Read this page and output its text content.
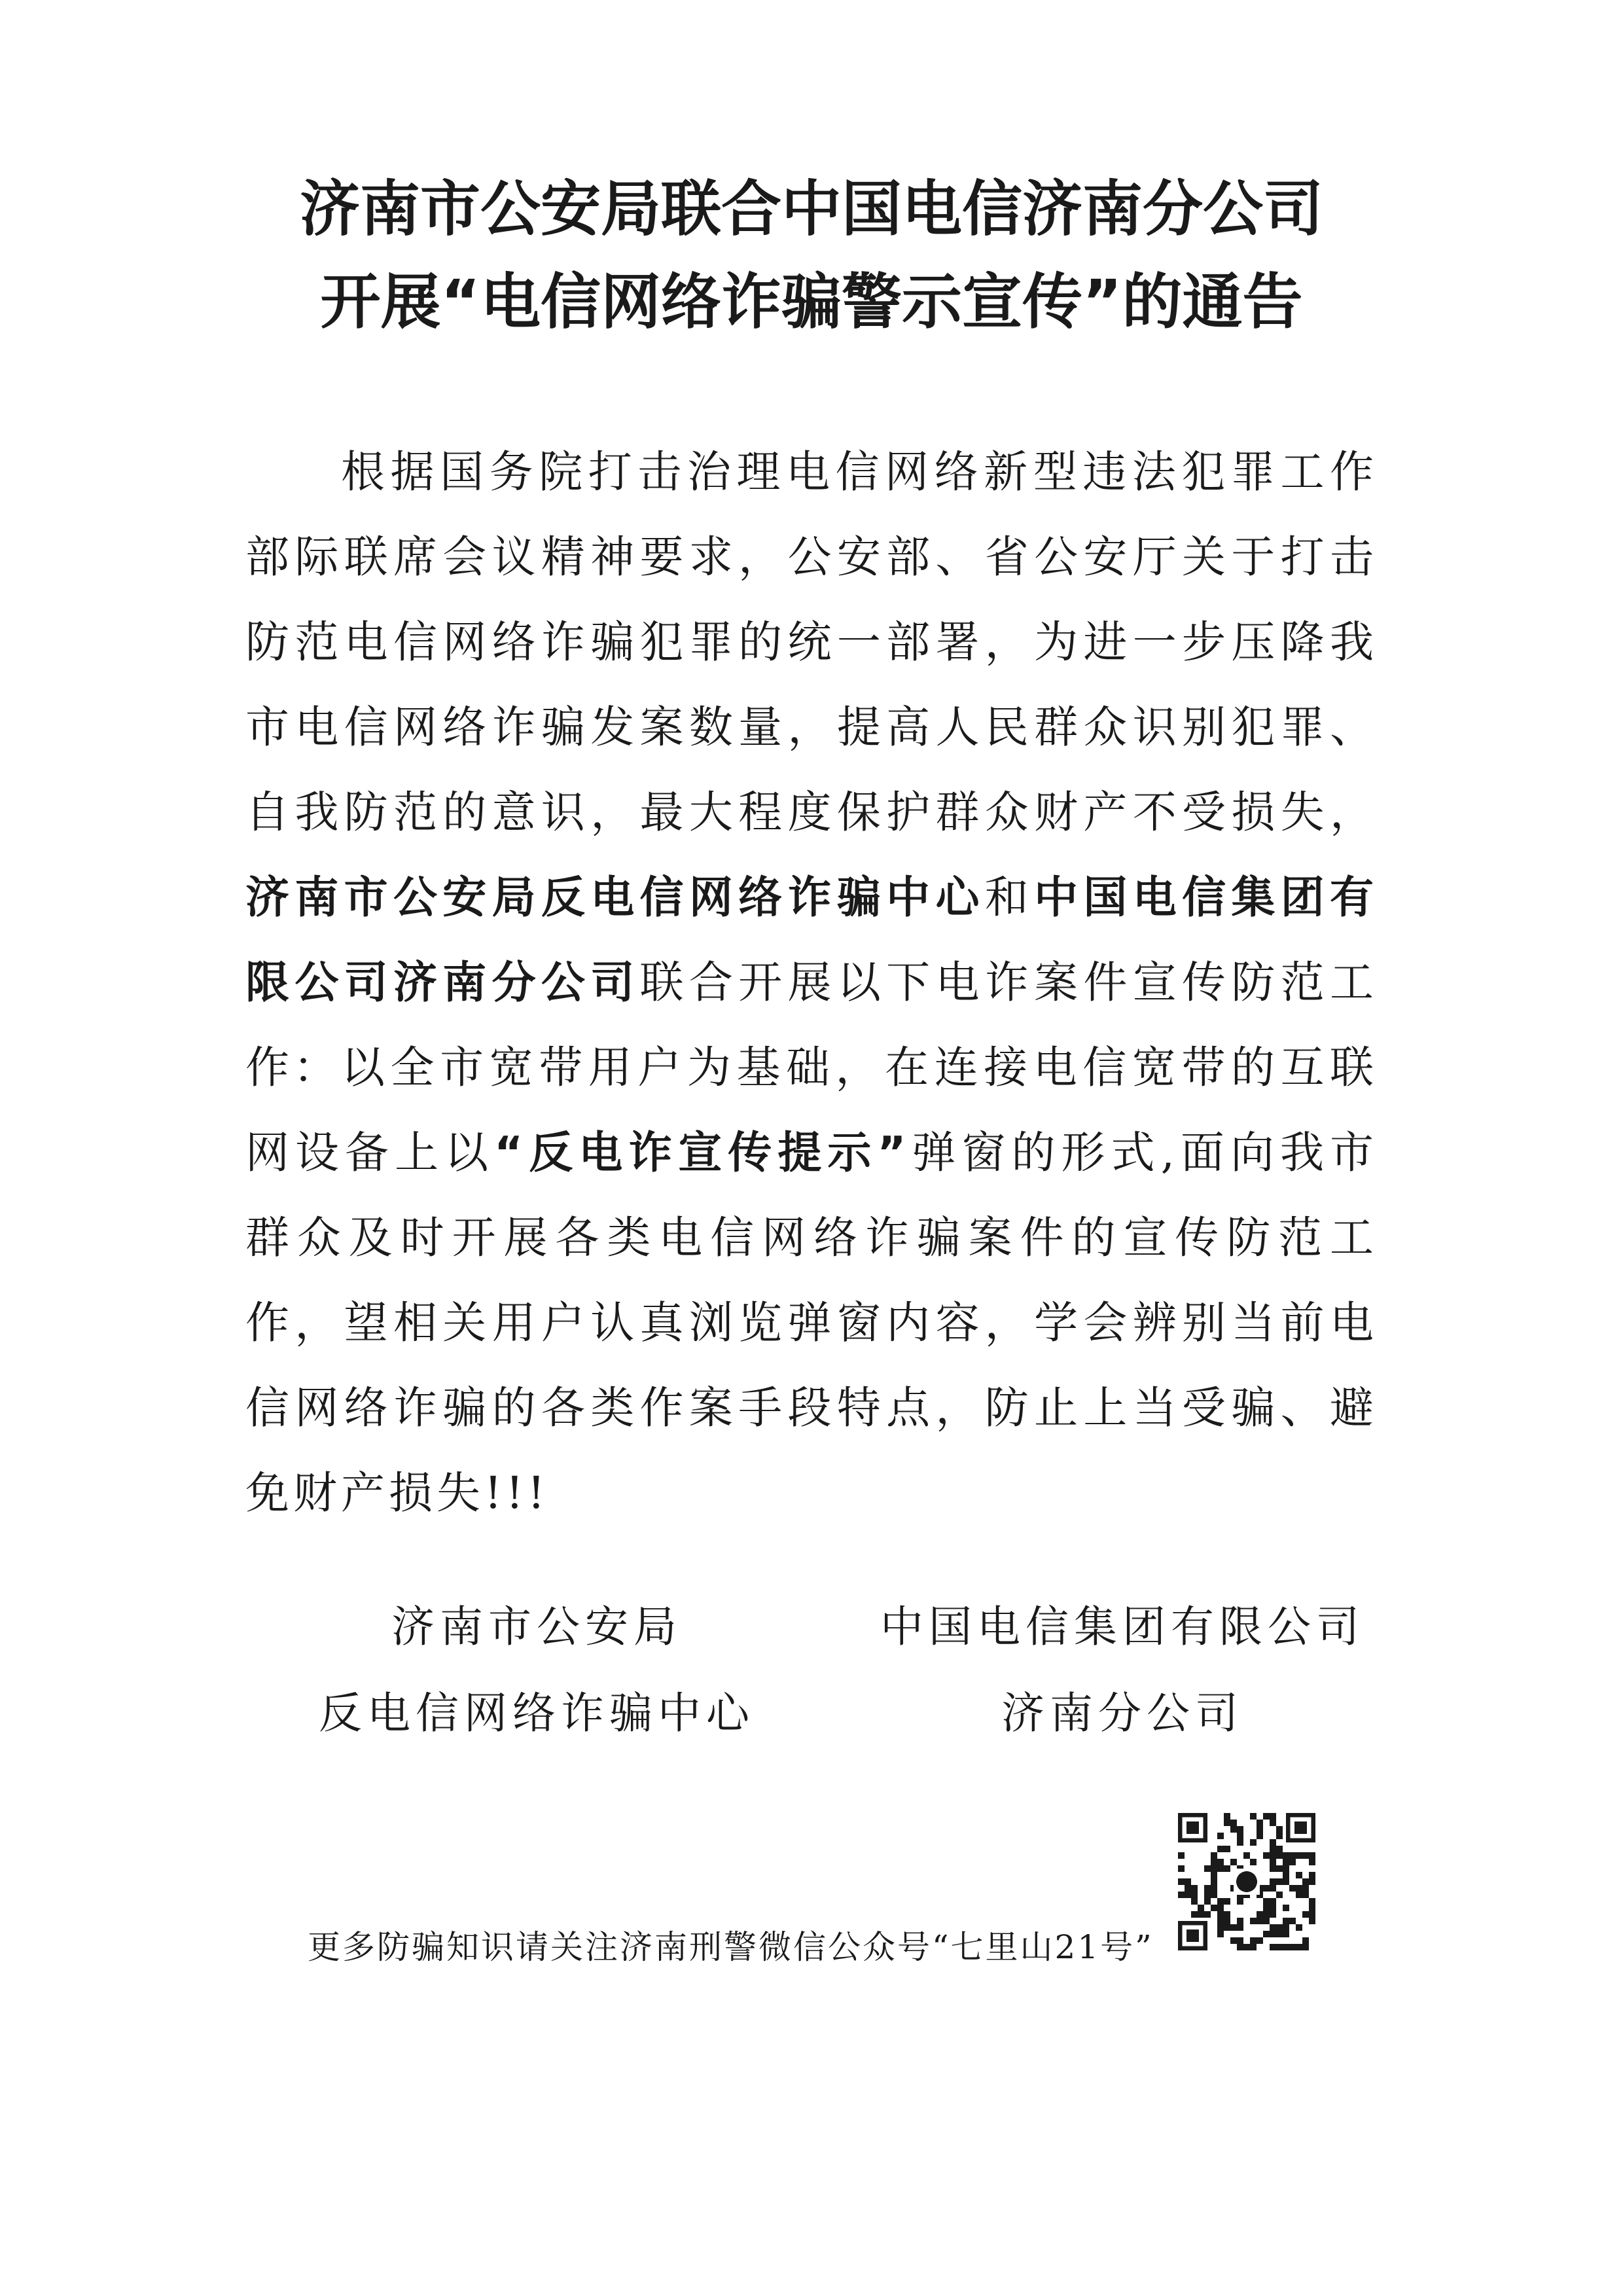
济南市公安局联合中国电信济南分公司
开展“电信网络诈骗警示宣传”的通告

根据国务院打击治理电信网络新型违法犯罪工作部际联席会议精神要求，公安部、省公安厅关于打击防范电信网络诈骗犯罪的统一部署，为进一步压降我市电信网络诈骗发案数量，提高人民群众识别犯罪、自我防范的意识，最大程度保护群众财产不受损失，济南市公安局反电信网络诈骗中心和中国电信集团有限公司济南分公司联合开展以下电诈案件宣传防范工作： 以全市宽带用户为基础，在连接电信宽带的互联网设备上以“反电诈宣传提示”弹窗的形式,面向我市群众及时开展各类电信网络诈骗案件的宣传防范工作，望相关用户认真浏览弹窗内容，学会辨别当前电信网络诈骗的各类作案手段特点，防止上当受骗、避免财产损失!!!

济南市公安局
反电信网络诈骗中心
中国电信集团有限公司
济南分公司
更多防骗知识请关注济南刑警微信公众号“七里山21号”
